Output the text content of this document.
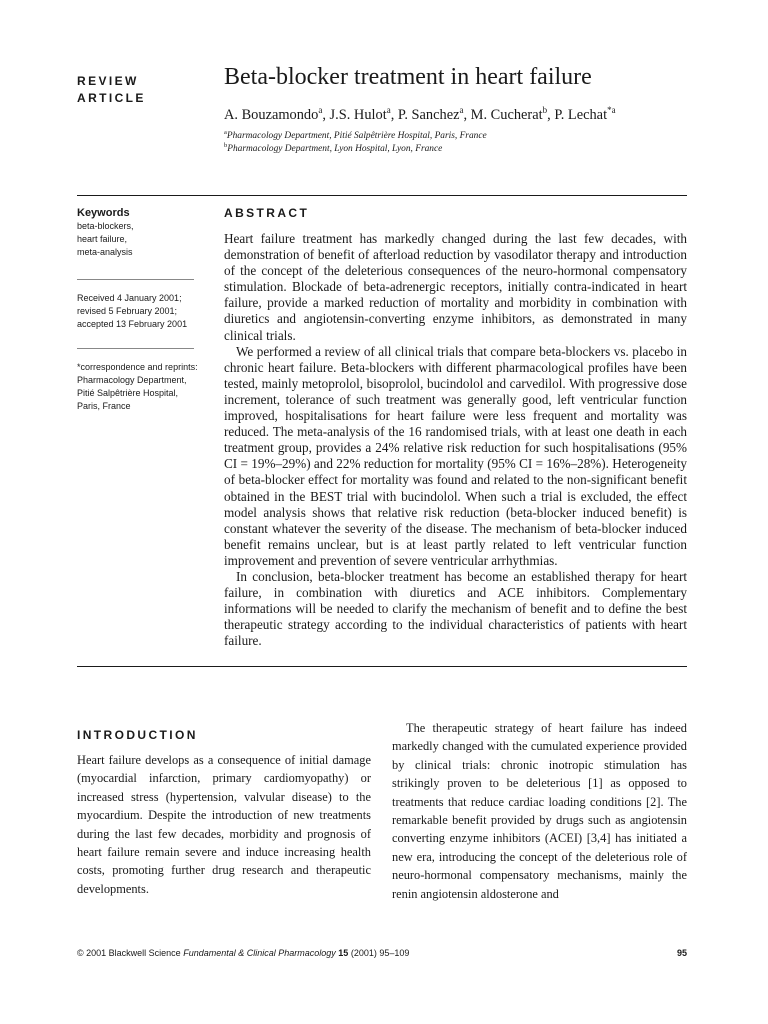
REVIEW
ARTICLE
Beta-blocker treatment in heart failure
A. Bouzamondo$^a$, J.S. Hulot$^a$, P. Sanchez$^a$, M. Cucherat$^b$, P. Lechat$^{*a}$
$^a$Pharmacology Department, Pitié Salpêtrière Hospital, Paris, France
$^b$Pharmacology Department, Lyon Hospital, Lyon, France
Keywords
beta-blockers,
heart failure,
meta-analysis
Received 4 January 2001;
revised 5 February 2001;
accepted 13 February 2001
*correspondence and reprints:
Pharmacology Department,
Pitié Salpêtrière Hospital,
Paris, France
ABSTRACT

Heart failure treatment has markedly changed during the last few decades, with demonstration of benefit of afterload reduction by vasodilator therapy and introduction of the concept of the deleterious consequences of the neuro-hormonal compensatory stimulation. Blockade of beta-adrenergic receptors, initially contra-indicated in heart failure, provide a marked reduction of mortality and morbidity in combination with diuretics and angiotensin-converting enzyme inhibitors, as demonstrated in many clinical trials.

We performed a review of all clinical trials that compare beta-blockers vs. placebo in chronic heart failure. Beta-blockers with different pharmacological profiles have been tested, mainly metoprolol, bisoprolol, bucindolol and carvedilol. With progressive dose increment, tolerance of such treatment was generally good, left ventricular function improved, hospitalisations for heart failure were less frequent and mortality was reduced. The meta-analysis of the 16 randomised trials, with at least one death in each treatment group, provides a 24% relative risk reduction for such hospitalisations (95% CI = 19%–29%) and 22% reduction for mortality (95% CI = 16%–28%). Heterogeneity of beta-blocker effect for mortality was found and related to the non-significant benefit obtained in the BEST trial with bucindolol. When such a trial is excluded, the effect model analysis shows that relative risk reduction (beta-blocker induced benefit) is constant whatever the severity of the disease. The mechanism of beta-blocker induced benefit remains unclear, but is at least partly related to left ventricular function improvement and prevention of severe ventricular arrhythmias.

In conclusion, beta-blocker treatment has become an established therapy for heart failure, in combination with diuretics and ACE inhibitors. Complementary informations will be needed to clarify the mechanism of benefit and to define the best therapeutic strategy according to the individual characteristics of patients with heart failure.

INTRODUCTION

Heart failure develops as a consequence of initial damage (myocardial infarction, primary cardiomyopathy) or increased stress (hypertension, valvular disease) to the myocardium. Despite the introduction of new treatments during the last few decades, morbidity and prognosis of heart failure remain severe and induce increasing health costs, promoting further drug research and therapeutic developments.

The therapeutic strategy of heart failure has indeed markedly changed with the cumulated experience provided by clinical trials: chronic inotropic stimulation has strikingly proven to be deleterious [1] as opposed to treatments that reduce cardiac loading conditions [2]. The remarkable benefit provided by drugs such as angiotensin converting enzyme inhibitors (ACEI) [3,4] has initiated a new era, introducing the concept of the deleterious role of neuro-hormonal compensatory mechanisms, mainly the renin angiotensin aldosterone and

© 2001 Blackwell Science Fundamental & Clinical Pharmacology 15 (2001) 95–109	95
